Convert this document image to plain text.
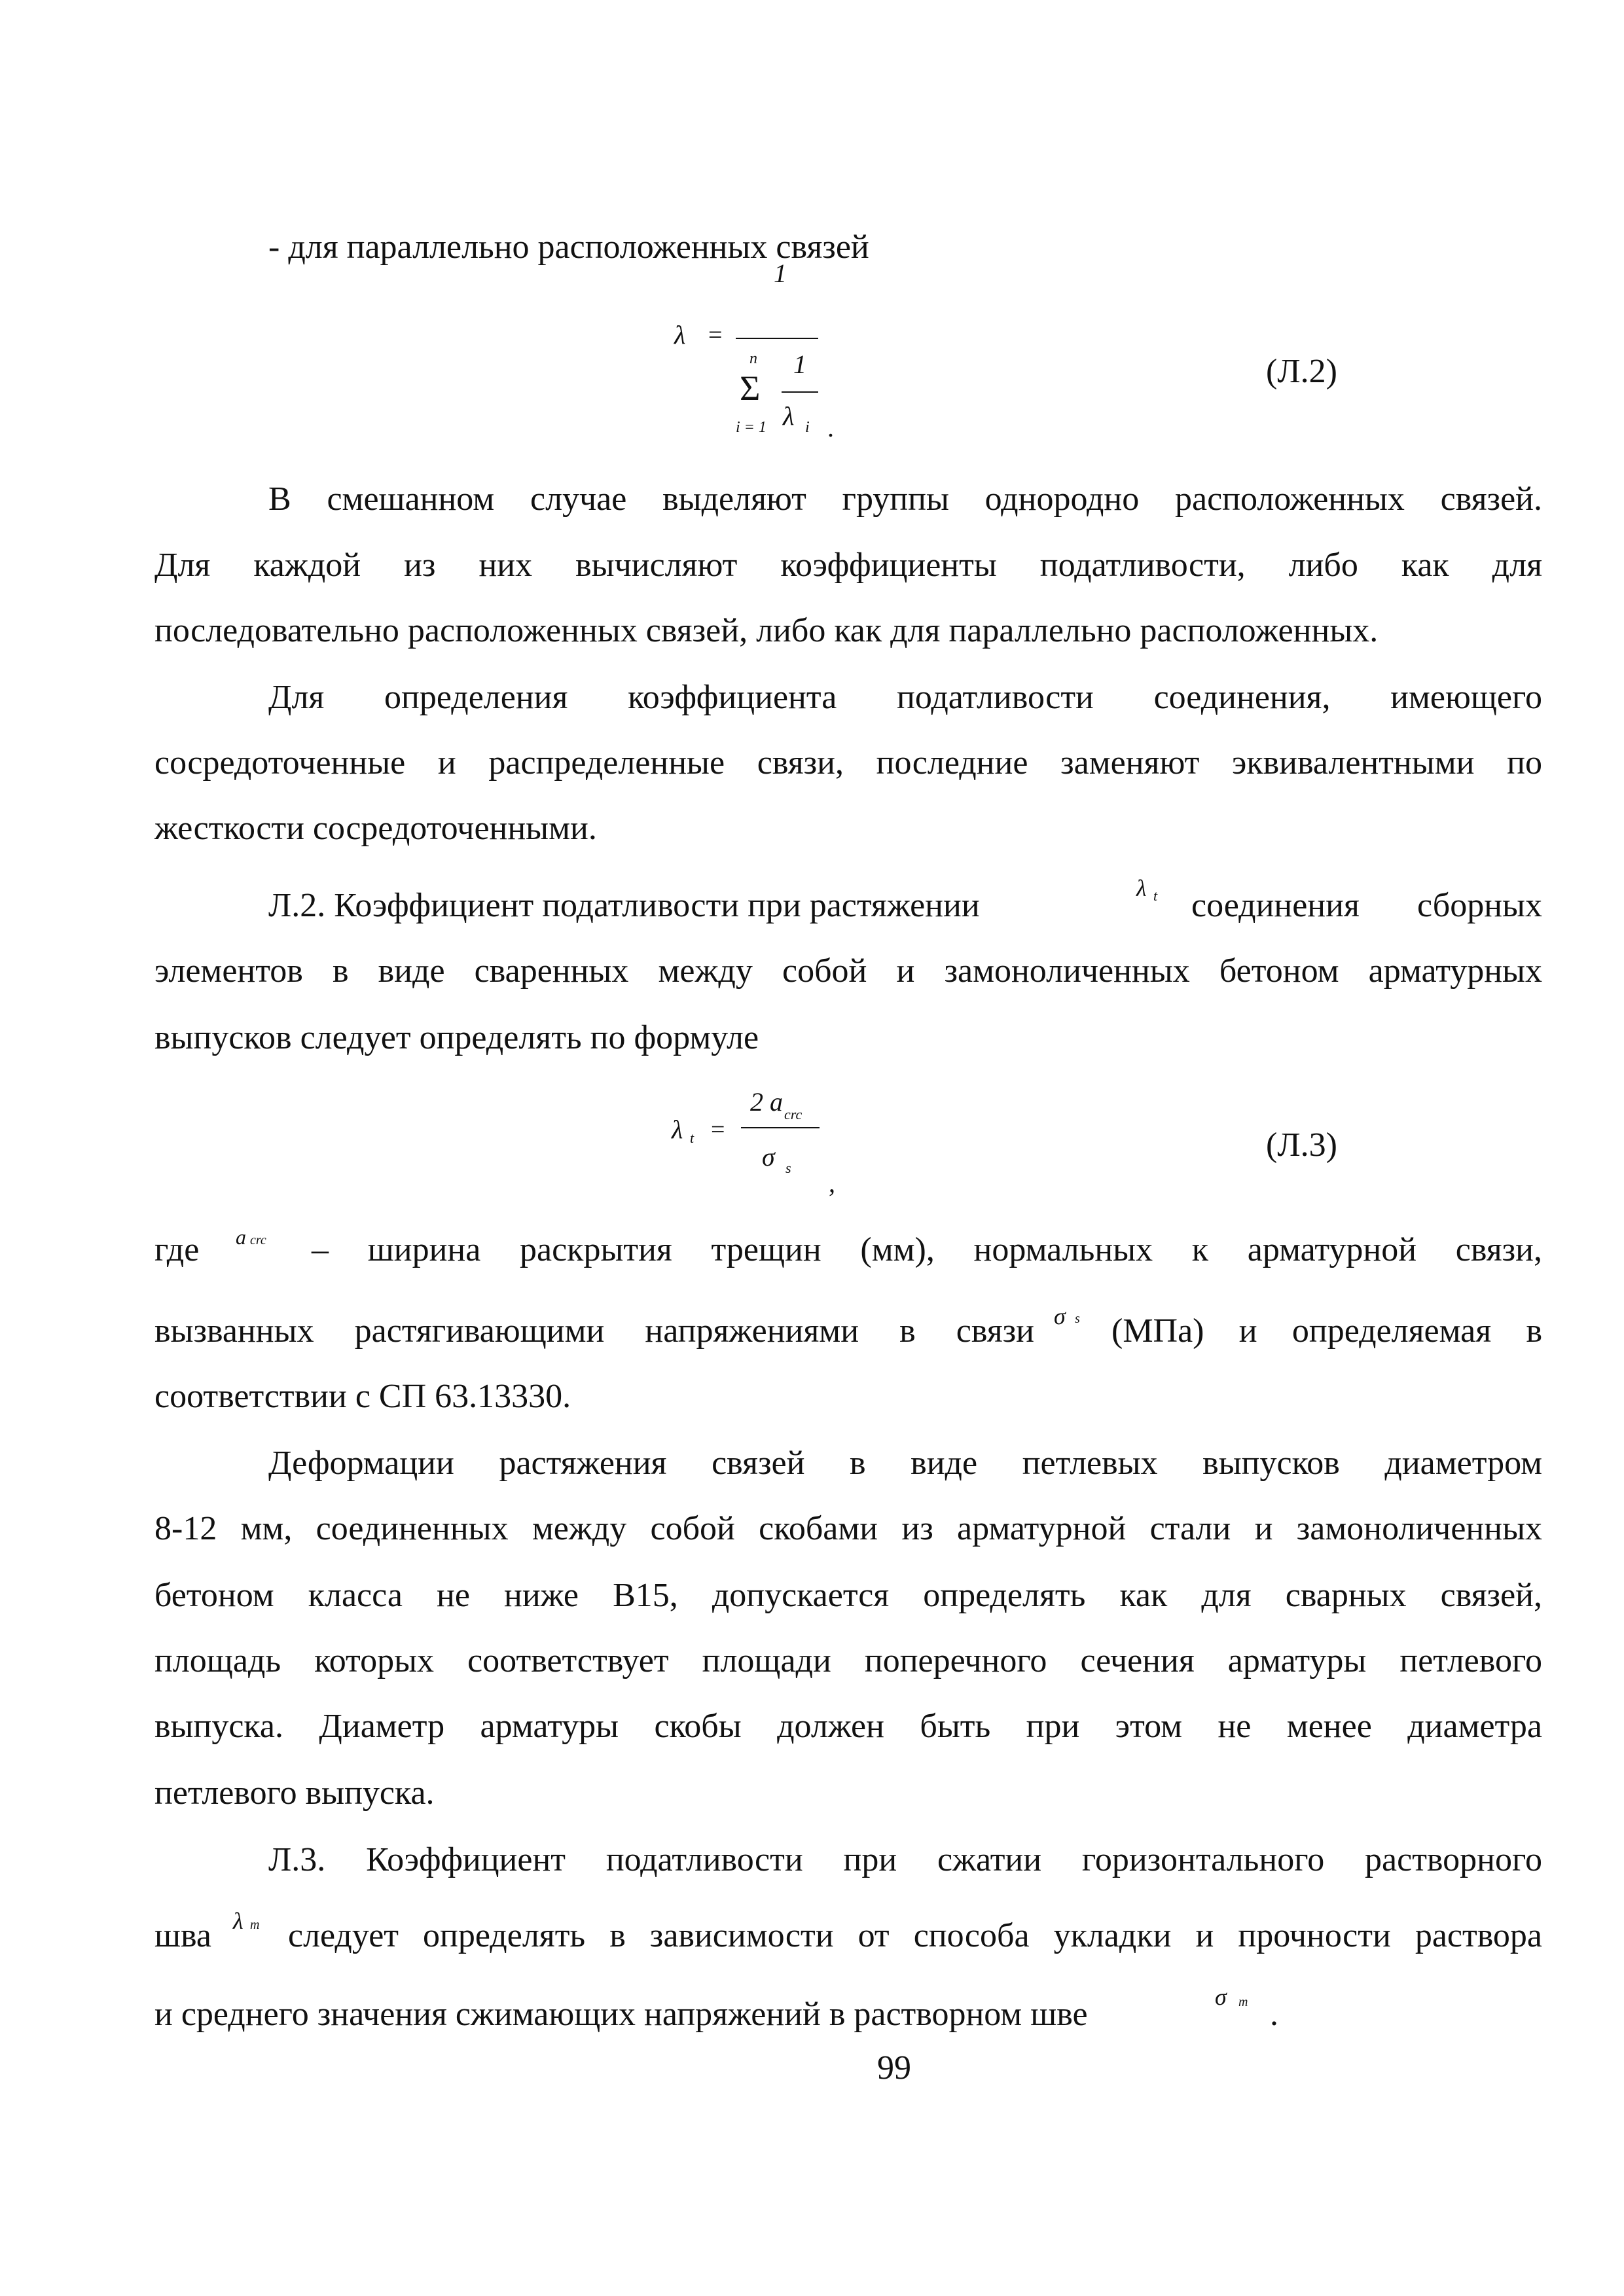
- для параллельно расположенных связей
λ =
1
n
Σ
i = 1
1
λ i .
(Л.2)
В смешанном случае выделяют группы однородно расположенных связей.
Для каждой из них вычисляют коэффициенты податливости, либо как для
последовательно расположенных связей, либо как для параллельно расположенных.
Для определения коэффициента податливости соединения, имеющего
сосредоточенные и распределенные связи, последние заменяют эквивалентными по
жесткости сосредоточенными.
Л.2. Коэффициент податливости при растяжении	λ t соединения сборных
элементов в виде сваренных между собой и замоноличенных бетоном арматурных
выпусков следует определять по формуле
λ t =
2 a crc
σ s
,
(Л.3)
где a crc – ширина раскрытия трещин (мм), нормальных к арматурной связи,
вызванных растягивающими напряжениями в связи σ s (МПа) и определяемая в
соответствии с СП 63.13330.
Деформации растяжения связей в виде петлевых выпусков диаметром
8-12 мм, соединенных между собой скобами из арматурной стали и замоноличенных
бетоном класса не ниже В15, допускается определять как для сварных связей,
площадь которых соответствует площади поперечного сечения арматуры петлевого
выпуска. Диаметр арматуры скобы должен быть при этом не менее диаметра
петлевого выпуска.
Л.3. Коэффициент податливости при сжатии горизонтального растворного
шва λ m следует определять в зависимости от способа укладки и прочности раствора
и среднего значения сжимающих напряжений в растворном шве	σ m .
99
